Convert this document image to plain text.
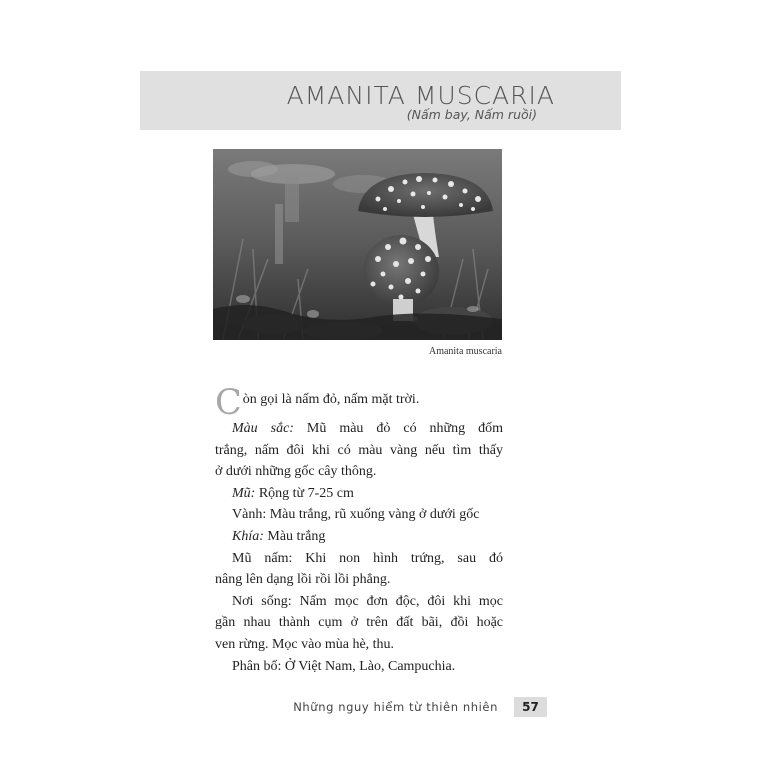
AMANITA MUSCARIA
(Nấm bay, Nấm ruồi)
Amanita muscaria

C òn gọi là nấm đỏ, nấm mặt trời.

Màu sắc: Mũ màu đỏ có những đốm
trắng, nấm đôi khi có màu vàng nếu tìm thấy
ở dưới những gốc cây thông.

Mũ: Rộng từ 7-25 cm

Vành: Màu trắng, rũ xuống vàng ở dưới gốc

Khía: Màu trắng

Mũ nấm: Khi non hình trứng, sau đó
nâng lên dạng lồi rồi lồi phẳng.

Nơi sống: Nấm mọc đơn độc, đôi khi mọc
gần nhau thành cụm ở trên đất bãi, đồi hoặc
ven rừng. Mọc vào mùa hè, thu.

Phân bố: Ở Việt Nam, Lào, Campuchia.

Những nguy hiểm từ thiên nhiên	57
